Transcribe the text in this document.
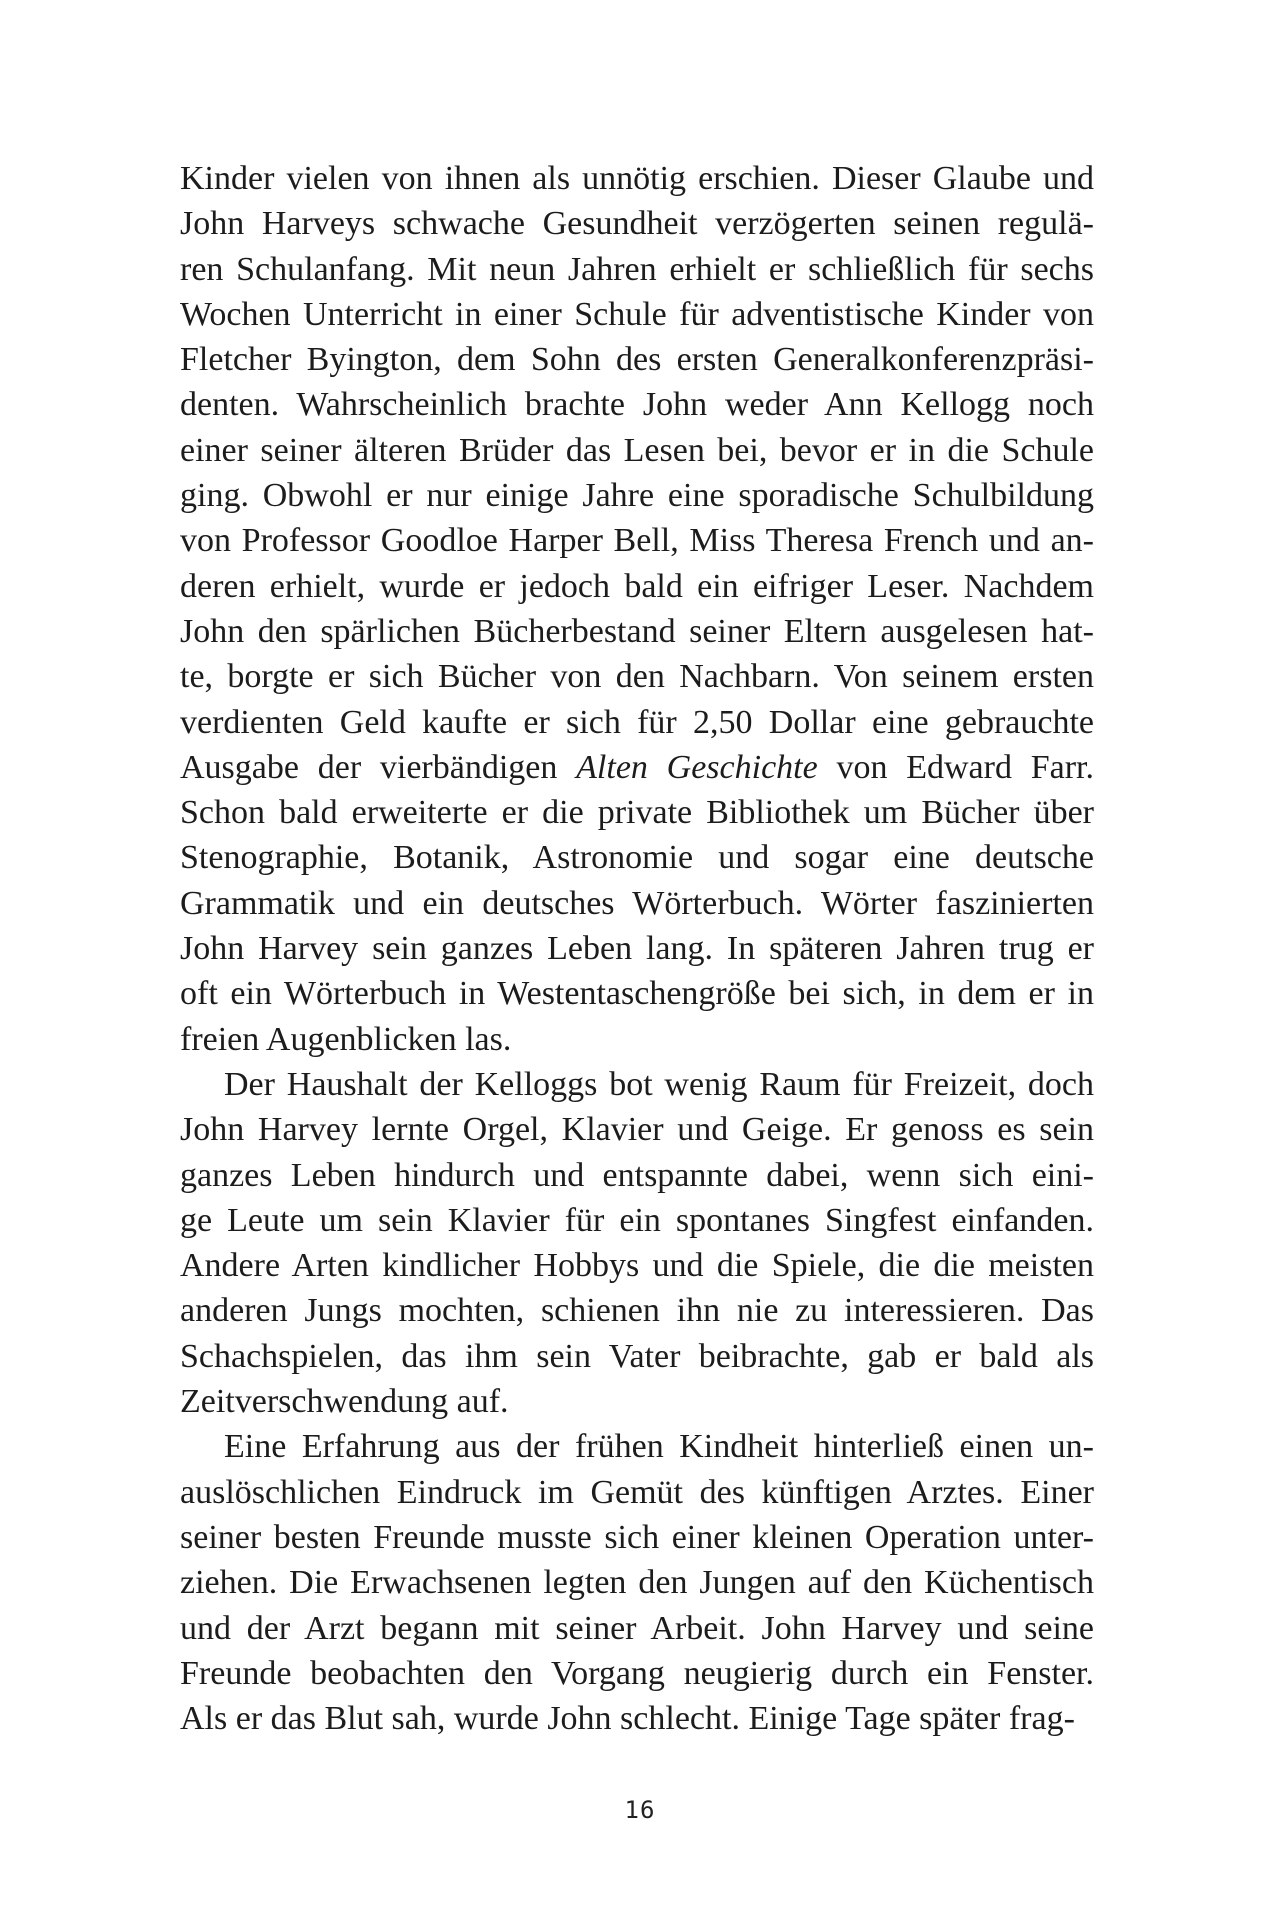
Kinder vielen von ihnen als unnötig erschien. Dieser Glaube und
John Harveys schwache Gesundheit verzögerten seinen regulä-
ren Schulanfang. Mit neun Jahren erhielt er schließlich für sechs
Wochen Unterricht in einer Schule für adventistische Kinder von
Fletcher Byington, dem Sohn des ersten Generalkonferenzpräsi-
denten. Wahrscheinlich brachte John weder Ann Kellogg noch
einer seiner älteren Brüder das Lesen bei, bevor er in die Schule
ging. Obwohl er nur einige Jahre eine sporadische Schulbildung
von Professor Goodloe Harper Bell, Miss Theresa French und an-
deren erhielt, wurde er jedoch bald ein eifriger Leser. Nachdem
John den spärlichen Bücherbestand seiner Eltern ausgelesen hat-
te, borgte er sich Bücher von den Nachbarn. Von seinem ersten
verdienten Geld kaufte er sich für 2,50 Dollar eine gebrauchte
Ausgabe der vierbändigen Alten Geschichte von Edward Farr.
Schon bald erweiterte er die private Bibliothek um Bücher über
Stenographie, Botanik, Astronomie und sogar eine deutsche
Grammatik und ein deutsches Wörterbuch. Wörter faszinierten
John Harvey sein ganzes Leben lang. In späteren Jahren trug er
oft ein Wörterbuch in Westentaschengröße bei sich, in dem er in
freien Augenblicken las.
Der Haushalt der Kelloggs bot wenig Raum für Freizeit, doch
John Harvey lernte Orgel, Klavier und Geige. Er genoss es sein
ganzes Leben hindurch und entspannte dabei, wenn sich eini-
ge Leute um sein Klavier für ein spontanes Singfest einfanden.
Andere Arten kindlicher Hobbys und die Spiele, die die meisten
anderen Jungs mochten, schienen ihn nie zu interessieren. Das
Schachspielen, das ihm sein Vater beibrachte, gab er bald als
Zeitverschwendung auf.
Eine Erfahrung aus der frühen Kindheit hinterließ einen un-
auslöschlichen Eindruck im Gemüt des künftigen Arztes. Einer
seiner besten Freunde musste sich einer kleinen Operation unter-
ziehen. Die Erwachsenen legten den Jungen auf den Küchentisch
und der Arzt begann mit seiner Arbeit. John Harvey und seine
Freunde beobachten den Vorgang neugierig durch ein Fenster.
Als er das Blut sah, wurde John schlecht. Einige Tage später frag-
16
